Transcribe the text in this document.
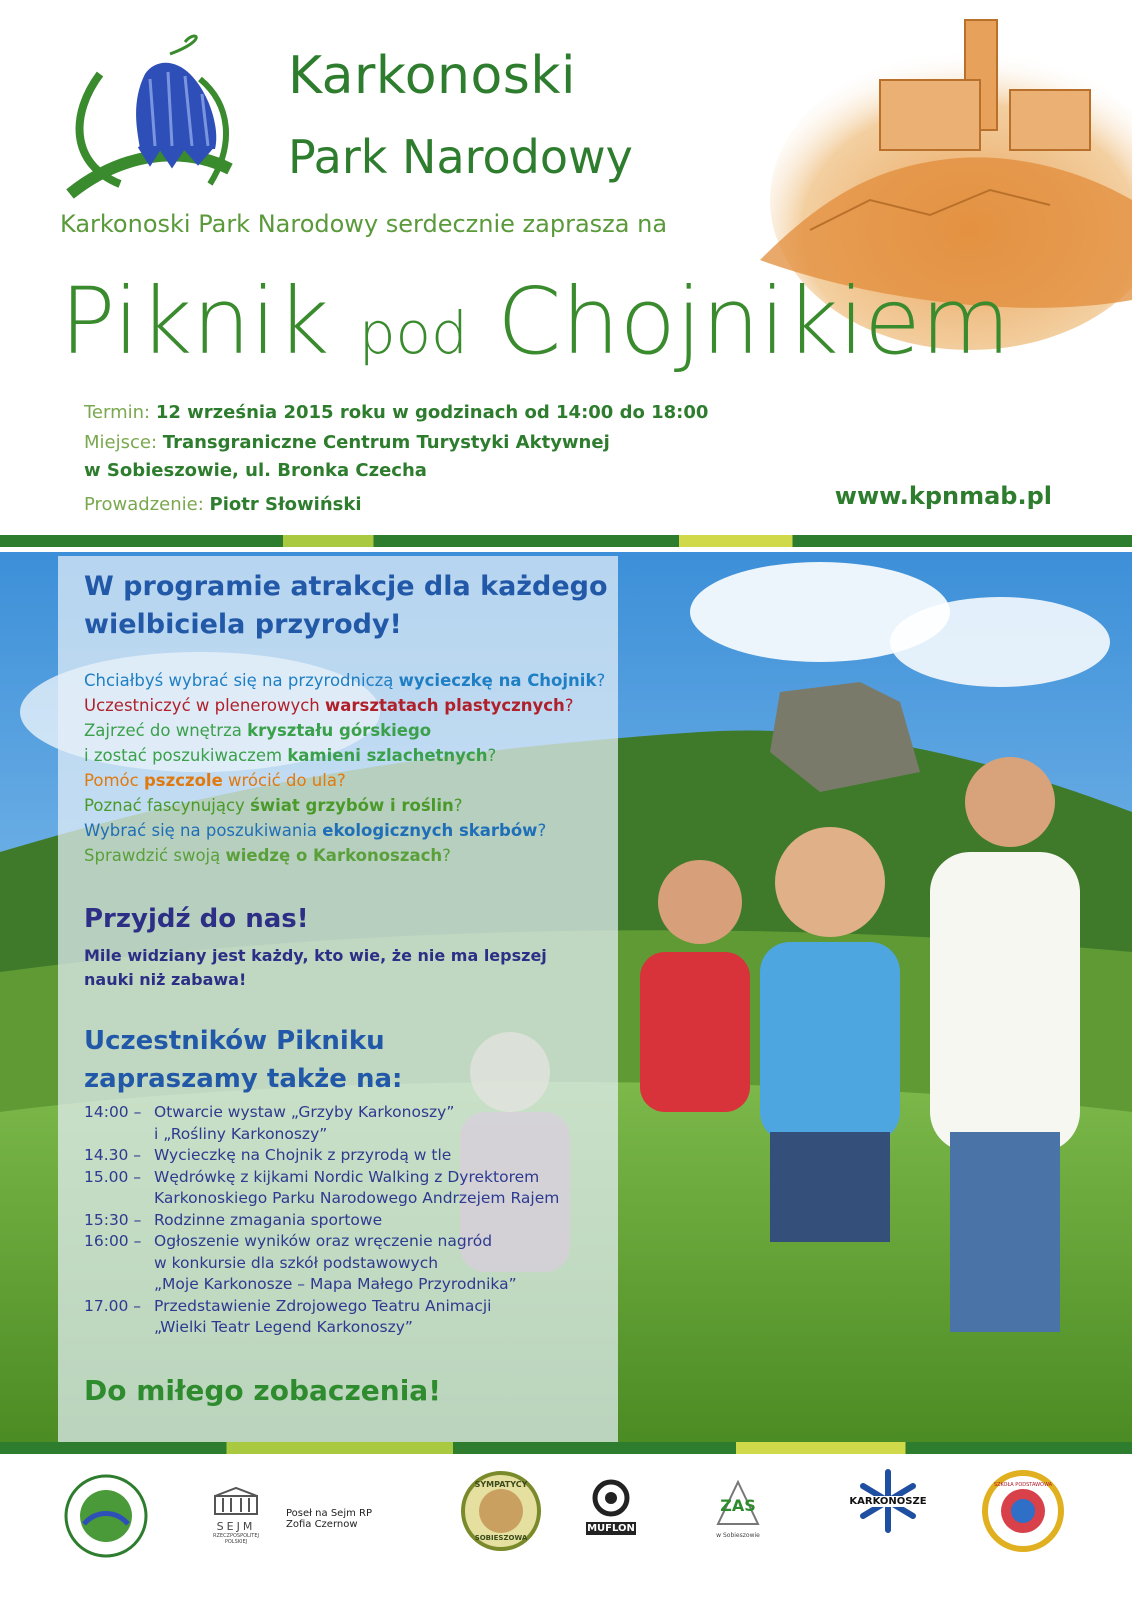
Karkonoski
Park Narodowy
Karkonoski Park Narodowy serdecznie zaprasza na
Piknik pod Chojnikiem
Termin: 12 września 2015 roku w godzinach od 14:00 do 18:00
Miejsce: Transgraniczne Centrum Turystyki Aktywnej
w Sobieszowie, ul. Bronka Czecha
Prowadzenie: Piotr Słowiński	www.kpnmab.pl
W programie atrakcje dla każdego
wielbiciela przyrody!
Chciałbyś wybrać się na przyrodniczą wycieczkę na Chojnik?
Uczestniczyć w plenerowych warsztatach plastycznych?
Zajrzeć do wnętrza kryształu górskiego
i zostać poszukiwaczem kamieni szlachetnych?
Pomóc pszczole wrócić do ula?
Poznać fascynujący świat grzybów i roślin?
Wybrać się na poszukiwania ekologicznych skarbów?
Sprawdzić swoją wiedzę o Karkonoszach?
Przyjdź do nas!
Mile widziany jest każdy, kto wie, że nie ma lepszej
nauki niż zabawa!
Uczestników Pikniku
zapraszamy także na:
14:00 – Otwarcie wystaw „Grzyby Karkonoszy”
i „Rośliny Karkonoszy”
14.30 – Wycieczkę na Chojnik z przyrodą w tle
15.00 – Wędrówkę z kijkami Nordic Walking z Dyrektorem
Karkonoskiego Parku Narodowego Andrzejem Rajem
15:30 – Rodzinne zmagania sportowe
16:00 – Ogłoszenie wyników oraz wręczenie nagród
w konkursie dla szkół podstawowych
„Moje Karkonosze – Mapa Małego Przyrodnika”
17.00 – Przedstawienie Zdrojowego Teatru Animacji
„Wielki Teatr Legend Karkonoszy”
Do miłego zobaczenia!
SEJM
RZECZPOSPOLITEJ POLSKIEJ
Poseł na Sejm RP
Zofia Czernow
SYMPATYCY
SOBIESZOWA
MUFLON
ZAS
w Sobieszowie
KARKONOSZE
SZKOŁA PODSTAWOWA
